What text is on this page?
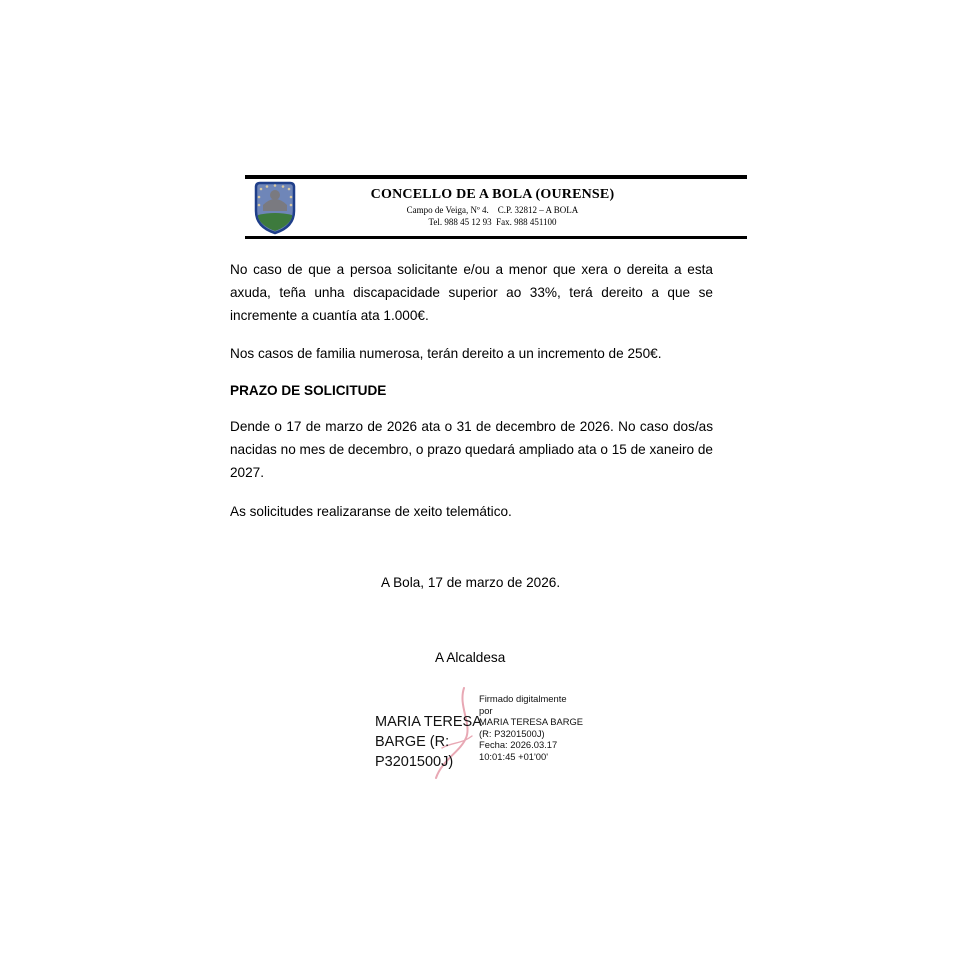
CONCELLO DE A BOLA (OURENSE)
Campo de Veiga, Nº 4.    C.P. 32812 – A BOLA
Tel. 988 45 12 93  Fax. 988 451100
No caso de que a persoa solicitante e/ou a menor que xera o dereita a esta axuda, teña unha discapacidade superior ao 33%, terá dereito a que se incremente a cuantía ata 1.000€.
Nos casos de familia numerosa, terán dereito a un incremento de 250€.
PRAZO DE SOLICITUDE
Dende o 17 de marzo de 2026 ata o 31 de decembro de 2026. No caso dos/as nacidas no mes de decembro, o prazo quedará ampliado ata o 15 de xaneiro de 2027.
As solicitudes realizaranse de xeito telemático.
A Bola, 17 de marzo de 2026.
A Alcaldesa
MARIA TERESA
BARGE (R:
P3201500J)
Firmado digitalmente
por
MARIA TERESA BARGE
(R: P3201500J)
Fecha: 2026.03.17
10:01:45 +01'00'
